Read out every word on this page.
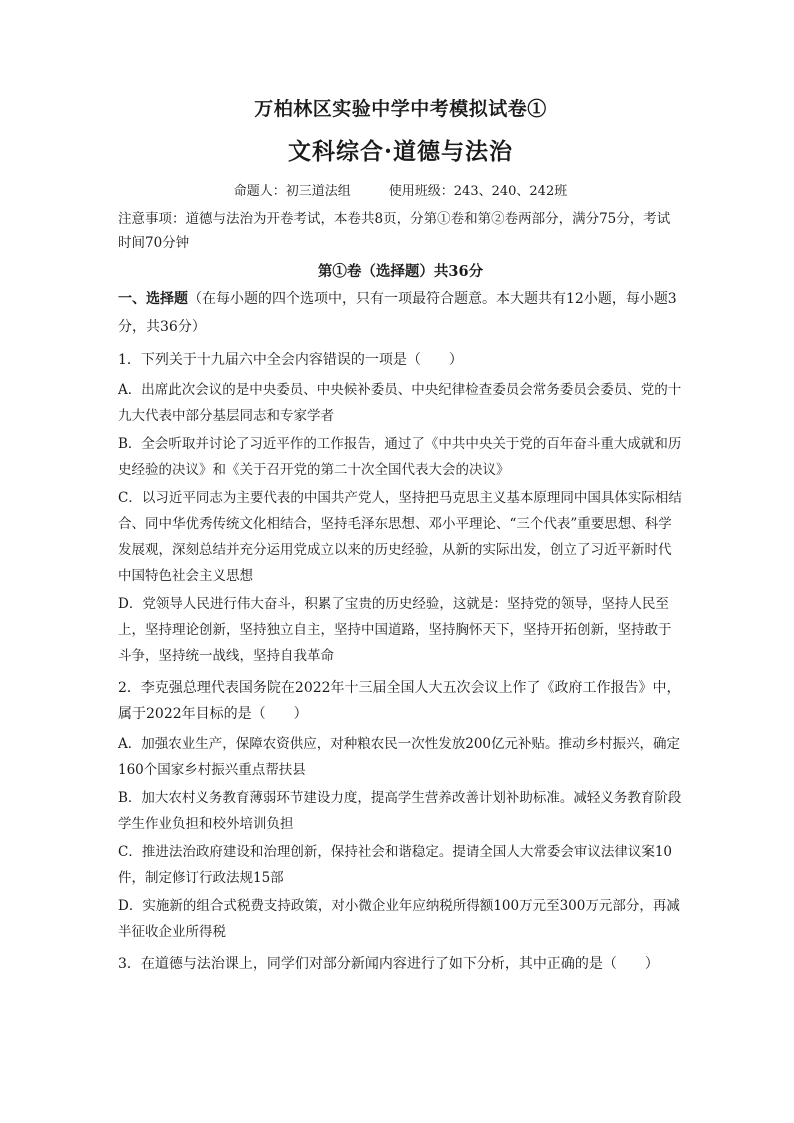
万柏林区实验中学中考模拟试卷①
文科综合·道德与法治
命题人：初三道法组	使用班级：243、240、242班

注意事项：道德与法治为开卷考试，本卷共8页，分第①卷和第②卷两部分，满分75分，考试时间70分钟

第①卷（选择题）共36分

一、选择题（在每小题的四个选项中，只有一项最符合题意。本大题共有12小题，每小题3分，共36分）

1．下列关于十九届六中全会内容错误的一项是（　　）

A．出席此次会议的是中央委员、中央候补委员、中央纪律检查委员会常务委员会委员、党的十九大代表中部分基层同志和专家学者

B．全会听取并讨论了习近平作的工作报告，通过了《中共中央关于党的百年奋斗重大成就和历史经验的决议》和《关于召开党的第二十次全国代表大会的决议》

C．以习近平同志为主要代表的中国共产党人，坚持把马克思主义基本原理同中国具体实际相结合、同中华优秀传统文化相结合，坚持毛泽东思想、邓小平理论、“三个代表”重要思想、科学发展观，深刻总结并充分运用党成立以来的历史经验，从新的实际出发，创立了习近平新时代中国特色社会主义思想

D．党领导人民进行伟大奋斗，积累了宝贵的历史经验，这就是：坚持党的领导，坚持人民至上，坚持理论创新，坚持独立自主，坚持中国道路，坚持胸怀天下，坚持开拓创新，坚持敢于斗争，坚持统一战线，坚持自我革命

2．李克强总理代表国务院在2022年十三届全国人大五次会议上作了《政府工作报告》中，属于2022年目标的是（　　）

A．加强农业生产，保障农资供应，对种粮农民一次性发放200亿元补贴。推动乡村振兴，确定160个国家乡村振兴重点帮扶县

B．加大农村义务教育薄弱环节建设力度，提高学生营养改善计划补助标准。减轻义务教育阶段学生作业负担和校外培训负担

C．推进法治政府建设和治理创新，保持社会和谐稳定。提请全国人大常委会审议法律议案10件，制定修订行政法规15部

D．实施新的组合式税费支持政策，对小微企业年应纳税所得额100万元至300万元部分，再减半征收企业所得税

3．在道德与法治课上，同学们对部分新闻内容进行了如下分析，其中正确的是（　　）
